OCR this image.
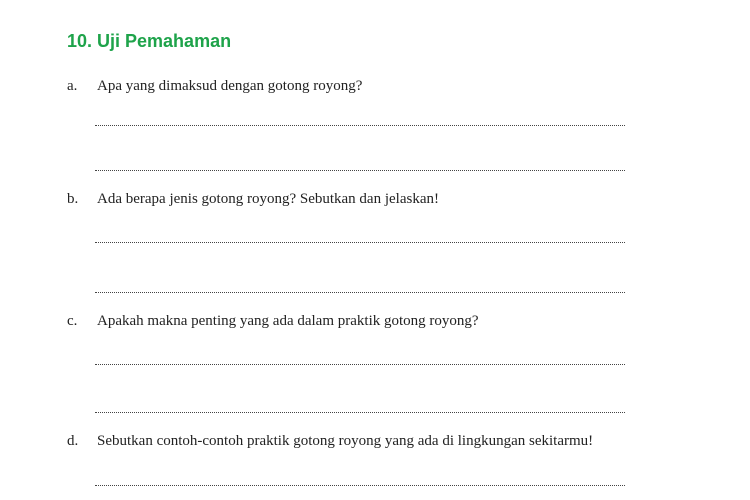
10. Uji Pemahaman
a. Apa yang dimaksud dengan gotong royong?
b. Ada berapa jenis gotong royong? Sebutkan dan jelaskan!
c. Apakah makna penting yang ada dalam praktik gotong royong?
d. Sebutkan contoh-contoh praktik gotong royong yang ada di lingkungan sekitarmu!
